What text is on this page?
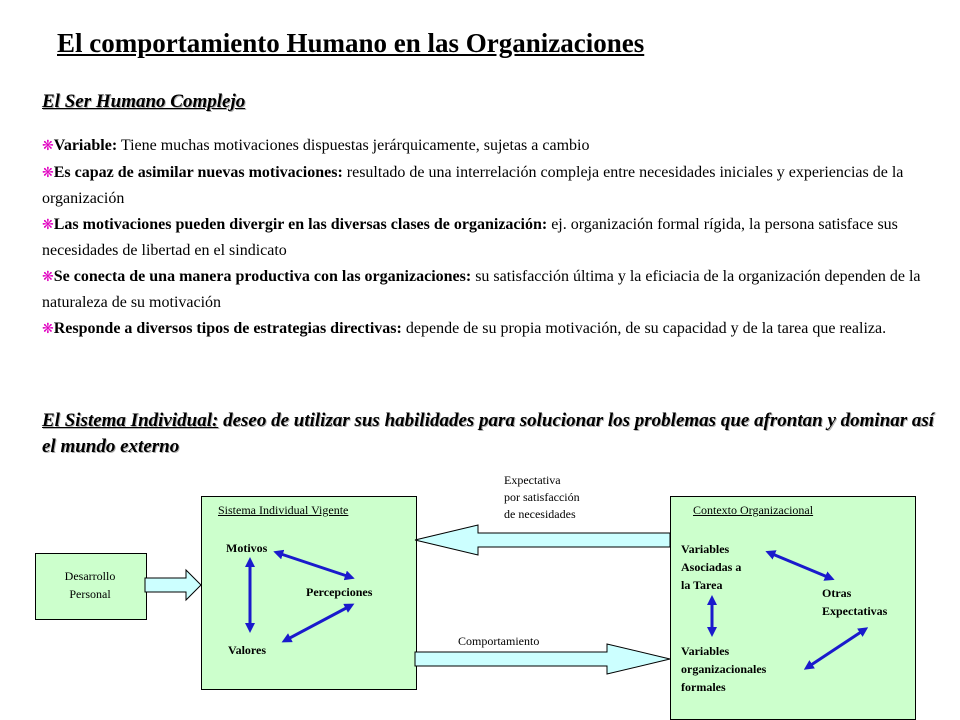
El comportamiento Humano en las Organizaciones
El Ser Humano Complejo

❋Variable: Tiene muchas motivaciones dispuestas jerárquicamente, sujetas a cambio

❋Es capaz de asimilar nuevas motivaciones: resultado de una interrelación compleja entre necesidades iniciales y experiencias de la organización

❋Las motivaciones pueden divergir en las diversas clases de organización: ej. organización formal rígida, la persona satisface sus necesidades de libertad en el sindicato

❋Se conecta de una manera productiva con las organizaciones: su satisfacción última y la eficiacia de la organización dependen de la naturaleza de su motivación

❋Responde a diversos tipos de estrategias directivas: depende de su propia motivación, de su capacidad y de la tarea que realiza.

El Sistema Individual: deseo de utilizar sus habilidades para solucionar los problemas que afrontan y dominar así el mundo externo
Desarrollo
Personal
Sistema Individual Vigente
Motivos
Percepciones
Valores
Contexto Organizacional
Variables
Asociadas a
la Tarea
Otras
Expectativas
Variables
organizacionales
formales
Expectativa
por satisfacción
de necesidades
Comportamiento
